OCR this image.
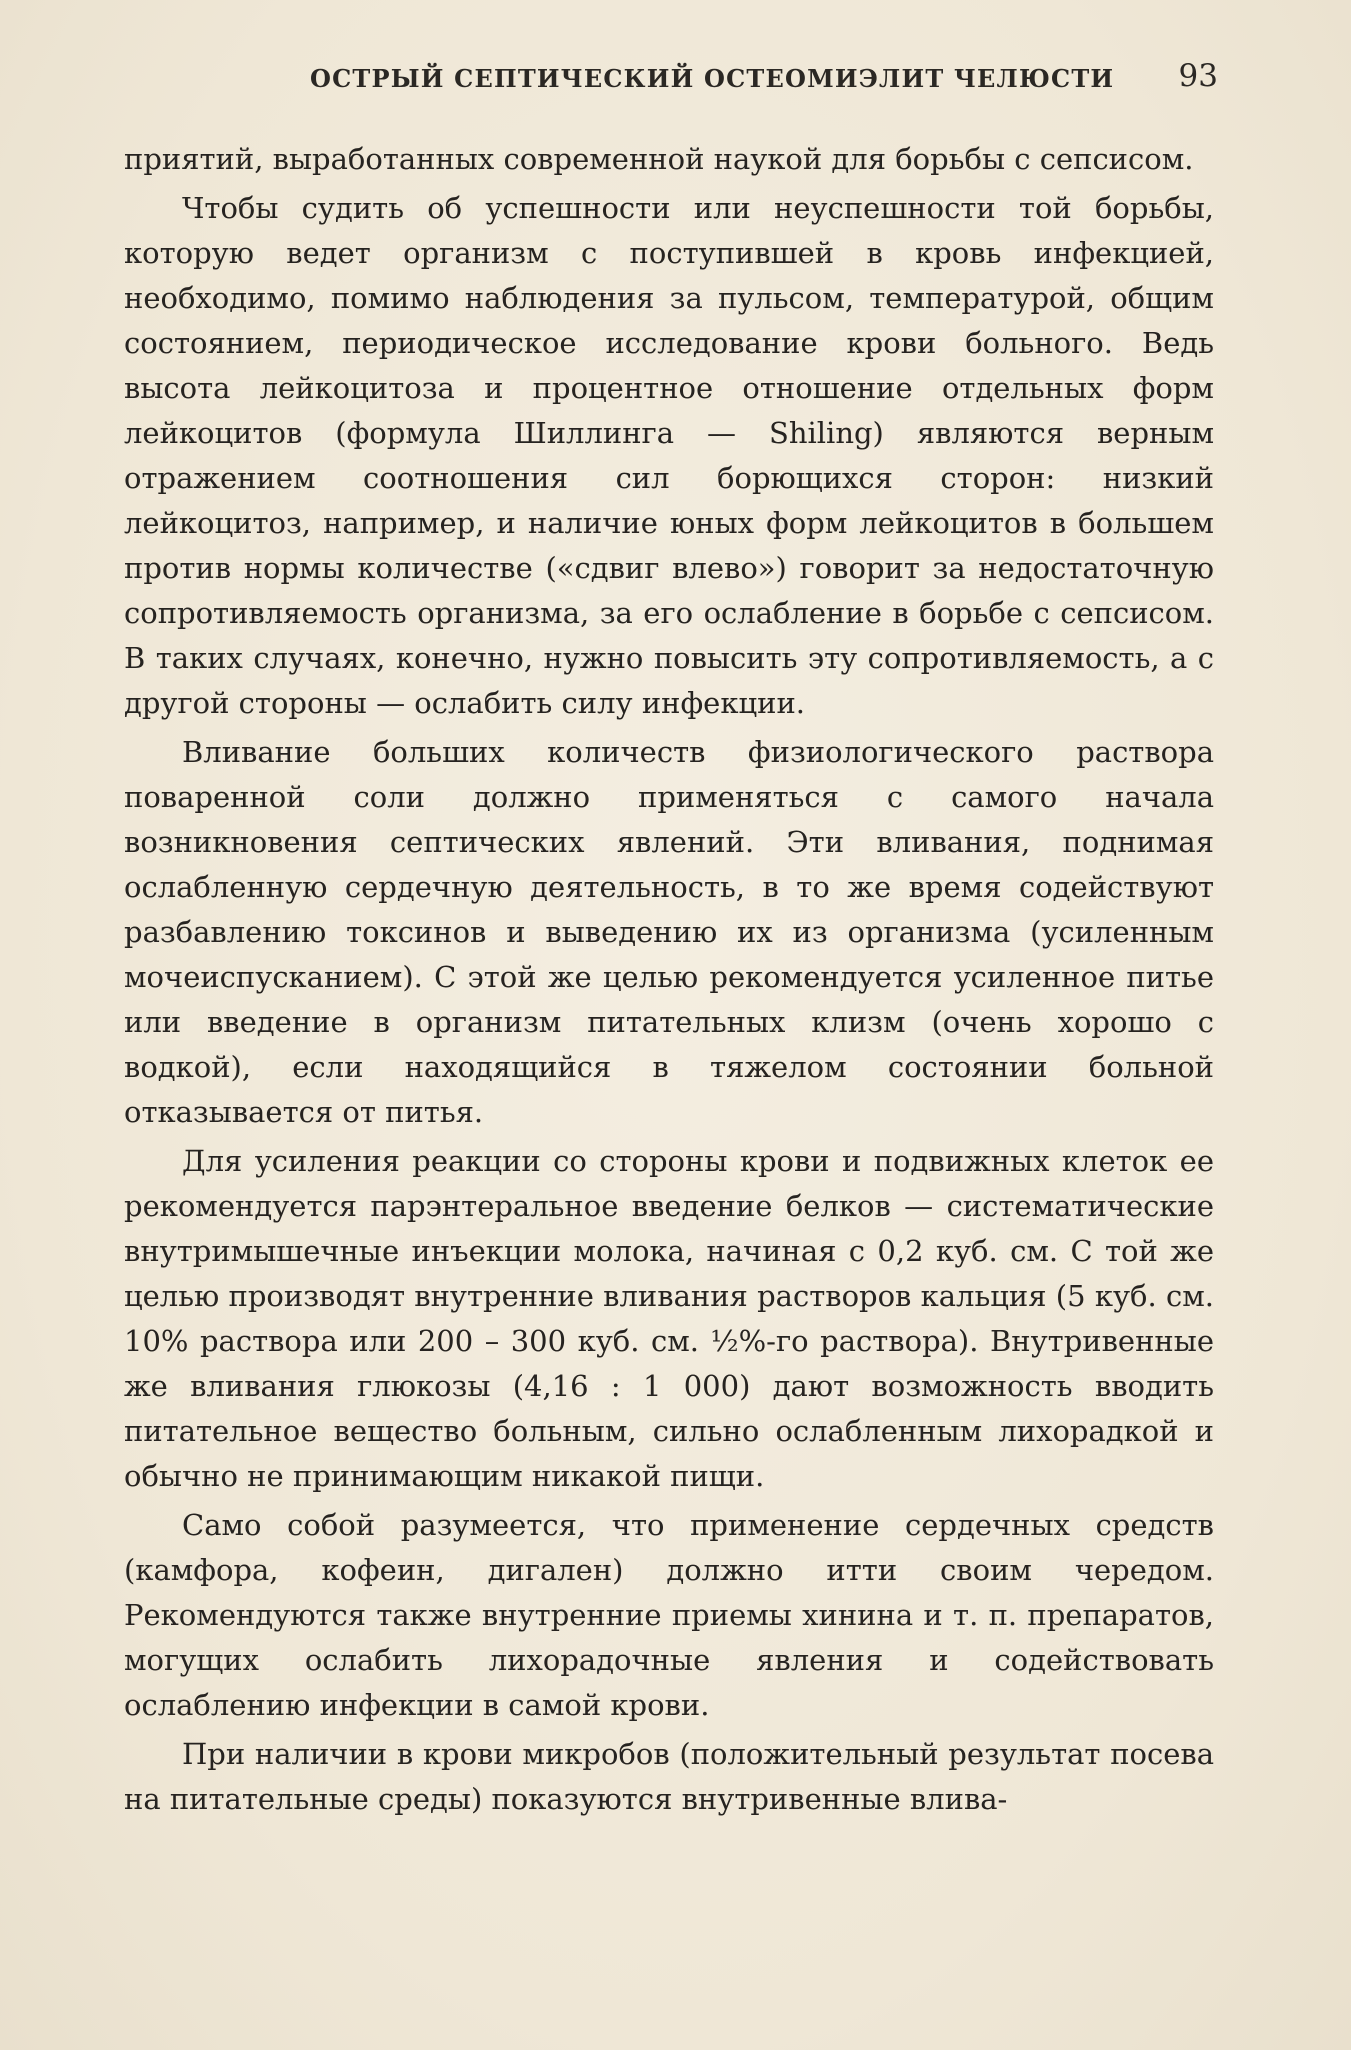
ОСТРЫЙ СЕПТИЧЕСКИЙ ОСТЕОМИЭЛИТ ЧЕЛЮСТИ 93

приятий, выработанных современной наукой для борьбы с сепсисом.

Чтобы судить об успешности или неуспешности той борьбы, которую ведет организм с поступившей в кровь инфекцией, необходимо, помимо наблюдения за пульсом, температурой, общим состоянием, периодическое исследование крови больного. Ведь высота лейкоцитоза и процентное отношение отдельных форм лейкоцитов (формула Шиллинга — Shiling) являются верным отражением соотношения сил борющихся сторон: низкий лейкоцитоз, например, и наличие юных форм лейкоцитов в большем против нормы количестве («сдвиг влево») говорит за недостаточную сопротивляемость организма, за его ослабление в борьбе с сепсисом. В таких случаях, конечно, нужно повысить эту сопротивляемость, а с другой стороны — ослабить силу инфекции.

Вливание больших количеств физиологического раствора поваренной соли должно применяться с самого начала возникновения септических явлений. Эти вливания, поднимая ослабленную сердечную деятельность, в то же время содействуют разбавлению токсинов и выведению их из организма (усиленным мочеиспусканием). С этой же целью рекомендуется усиленное питье или введение в организм питательных клизм (очень хорошо с водкой), если находящийся в тяжелом состоянии больной отказывается от питья.

Для усиления реакции со стороны крови и подвижных клеток ее рекомендуется парэнтеральное введение белков — систематические внутримышечные инъекции молока, начиная с 0,2 куб. см. С той же целью производят внутренние вливания растворов кальция (5 куб. см. 10% раствора или 200 – 300 куб. см. ½%-го раствора). Внутривенные же вливания глюкозы (4,16 : 1 000) дают возможность вводить питательное вещество больным, сильно ослабленным лихорадкой и обычно не принимающим никакой пищи.

Само собой разумеется, что применение сердечных средств (камфора, кофеин, дигален) должно итти своим чередом. Рекомендуются также внутренние приемы хинина и т. п. препаратов, могущих ослабить лихорадочные явления и содействовать ослаблению инфекции в самой крови.

При наличии в крови микробов (положительный результат посева на питательные среды) показуются внутривенные влива-
